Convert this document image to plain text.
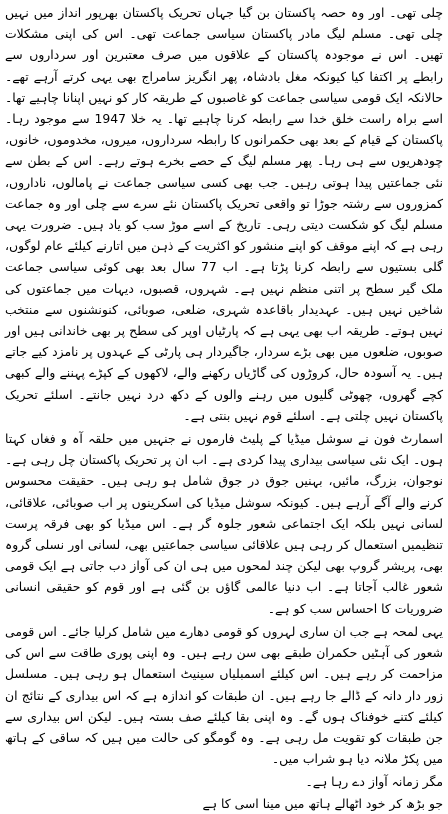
چلی تھی۔ اور وہ حصہ پاکستان بن گیا جہاں تحریک پاکستان بھرپور انداز میں نہیں چلی تھی۔ مسلم لیگ مادر پاکستان سیاسی جماعت تھی۔ اس کی اپنی مشکلات تھیں۔ اس نے موجودہ پاکستان کے علاقوں میں صرف معتبرین اور سرداروں سے رابطے پر اکتفا کیا کیونکہ مغل بادشاہ، پھر انگریز سامراج بھی یہی کرتے آرہے تھے۔ حالانکہ ایک قومی سیاسی جماعت کو غاصبوں کے طریقہ کار کو نہیں اپنانا چاہیے تھا۔ اسے براہ راست خلق خدا سے رابطہ کرنا چاہیے تھا۔ یہ خلا 1947 سے موجود رہا۔ پاکستان کے قیام کے بعد بھی حکمرانوں کا رابطہ سرداروں، میروں، مخدوموں، خانوں، چودھریوں سے ہی رہا۔ پھر مسلم لیگ کے حصے بخرے ہوتے رہے۔ اس کے بطن سے نئی جماعتیں پیدا ہوتی رہیں۔ جب بھی کسی سیاسی جماعت نے پامالوں، ناداروں، کمزوروں سے رشتہ جوڑا تو واقعی تحریک پاکستان نئے سرے سے چلی اور وہ جماعت مسلم لیگ کو شکست دیتی رہی۔ تاریخ کے اسے موڑ سب کو یاد ہیں۔ ضرورت یہی رہی ہے کہ اپنے موقف کو اپنے منشور کو اکثریت کے ذہن میں اتارنے کیلئے عام لوگوں، گلی بستیوں سے رابطہ کرنا پڑتا ہے۔ اب 77 سال بعد بھی کوئی سیاسی جماعت ملک گیر سطح پر اتنی منظم نہیں ہے۔ شہروں، قصبوں، دیہات میں جماعتوں کی شاخیں نہیں ہیں۔ عہدیدار باقاعدہ شہری، ضلعی، صوبائی، کنونشنوں سے منتخب نہیں ہوتے۔ طریقہ اب بھی یہی ہے کہ پارٹیاں اوپر کی سطح پر بھی خاندانی ہیں اور صوبوں، ضلعوں میں بھی بڑے سردار، جاگیردار ہی پارٹی کے عہدوں پر نامزد کیے جاتے ہیں۔ یہ آسودہ حال، کروڑوں کی گاڑیاں رکھنے والے، لاکھوں کے کپڑے پہننے والے کبھی کچے گھروں، چھوٹی گلیوں میں رہنے والوں کے دکھ درد نہیں جانتے۔ اسلئے تحریک پاکستان نہیں چلتی ہے۔ اسلئے قوم نہیں بنتی ہے۔

اسمارٹ فون نے سوشل میڈیا کے پلیٹ فارموں نے جنہیں میں حلقہ آہ و فغاں کہتا ہوں۔ ایک نئی سیاسی بیداری پیدا کردی ہے۔ اب ان پر تحریک پاکستان چل رہی ہے۔ نوجوان، بزرگ، مائیں، بہنیں جوق در جوق شامل ہو رہی ہیں۔ حقیقت محسوس کرنے والے آگے آرہے ہیں۔ کیونکہ سوشل میڈیا کی اسکرینوں پر اب صوبائی، علاقائی، لسانی نہیں بلکہ ایک اجتماعی شعور جلوہ گر ہے۔ اس میڈیا کو بھی فرقہ پرست تنظیمیں استعمال کر رہی ہیں علاقائی سیاسی جماعتیں بھی، لسانی اور نسلی گروہ بھی، پریشر گروپ بھی لیکن چند لمحوں میں ہی ان کی آواز دب جاتی ہے ایک قومی شعور غالب آجاتا ہے۔ اب دنیا عالمی گاؤں بن گئی ہے اور قوم کو حقیقی انسانی ضروریات کا احساس سب کو ہے۔

یہی لمحہ ہے جب ان ساری لہروں کو قومی دھارے میں شامل کرلیا جائے۔ اس قومی شعور کی آہٹیں حکمران طبقے بھی سن رہے ہیں۔ وہ اپنی پوری طاقت سے اس کی مزاحمت کر رہے ہیں۔ اس کیلئے اسمبلیاں سینیٹ استعمال ہو رہی ہیں۔ مسلسل زور دار دانہ کے ڈالے جا رہے ہیں۔ ان طبقات کو اندازہ ہے کہ اس بیداری کے نتائج ان کیلئے کتنے خوفناک ہوں گے۔ وہ اپنی بقا کیلئے صف بستہ ہیں۔ لیکن اس بیداری سے جن طبقات کو تقویت مل رہی ہے۔ وہ گومگو کی حالت میں ہیں کہ ساقی کے ہاتھ میں پکڑ ملانہ دیا ہو شراب میں۔

مگر زمانہ آواز دے رہا ہے۔

جو بڑھ کر خود اٹھالے ہاتھ میں مینا اسی کا ہے
